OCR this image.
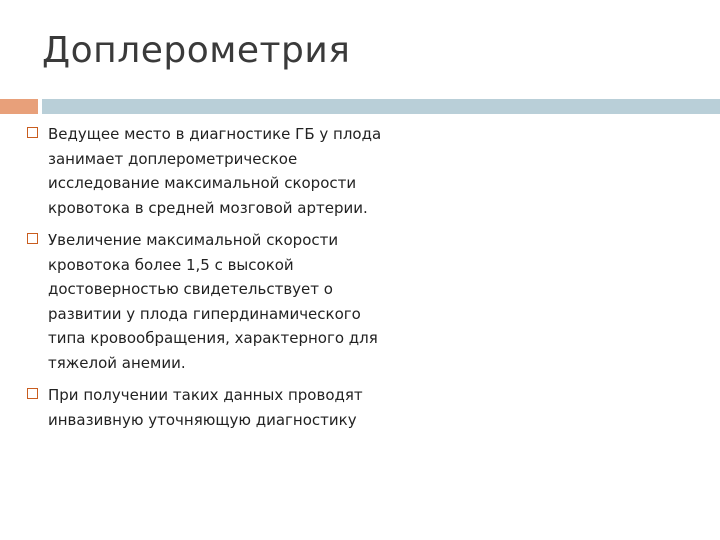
Доплерометрия
Ведущее место в диагностике ГБ у плода занимает доплерометрическое исследование максимальной скорости кровотока в средней мозговой артерии.
Увеличение максимальной скорости кровотока более 1,5 с высокой достоверностью свидетельствует о развитии у плода гипердинамического типа кровообращения, характерного для тяжелой анемии.
При получении таких данных проводят инвазивную уточняющую диагностику
